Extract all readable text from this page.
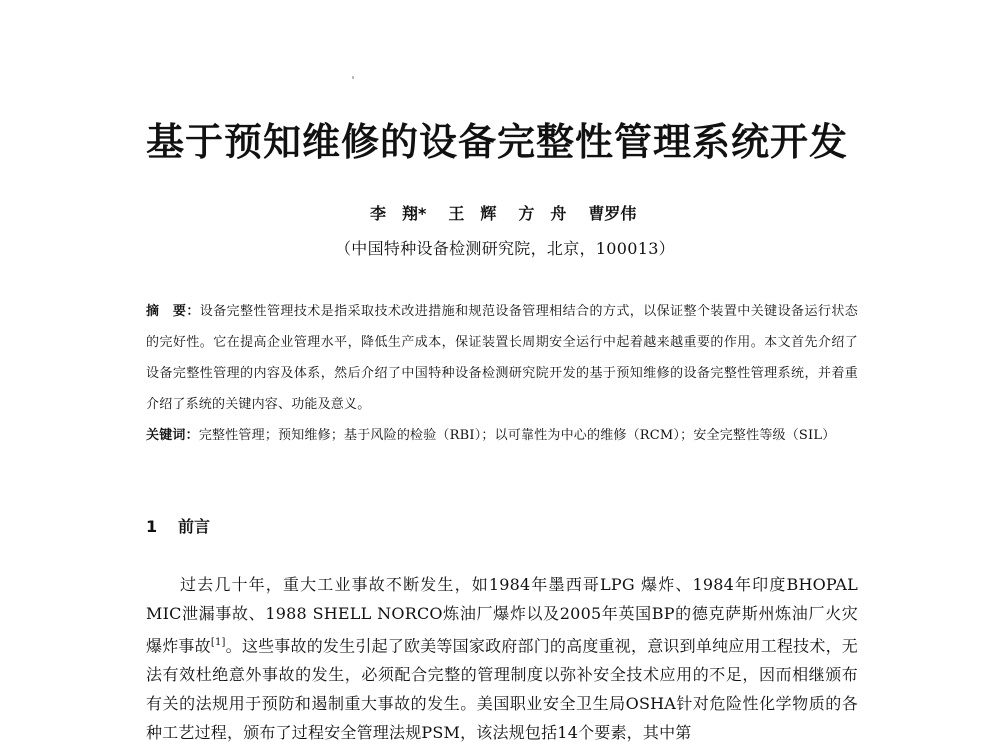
基于预知维修的设备完整性管理系统开发
李　翔* 王　辉 方　舟 曹罗伟
（中国特种设备检测研究院，北京，100013）
摘　要：设备完整性管理技术是指采取技术改进措施和规范设备管理相结合的方式，以保证整个装置中关键设备运行状态的完好性。它在提高企业管理水平，降低生产成本，保证装置长周期安全运行中起着越来越重要的作用。本文首先介绍了设备完整性管理的内容及体系，然后介绍了中国特种设备检测研究院开发的基于预知维修的设备完整性管理系统，并着重介绍了系统的关键内容、功能及意义。
关键词：完整性管理；预知维修；基于风险的检验（RBI）；以可靠性为中心的维修（RCM）；安全完整性等级（SIL）
1 前言
过去几十年，重大工业事故不断发生，如1984年墨西哥LPG 爆炸、1984年印度BHOPAL MIC泄漏事故、1988 SHELL NORCO炼油厂爆炸以及2005年英国BP的德克萨斯州炼油厂火灾爆炸事故[1]。这些事故的发生引起了欧美等国家政府部门的高度重视，意识到单纯应用工程技术，无法有效杜绝意外事故的发生，必须配合完整的管理制度以弥补安全技术应用的不足，因而相继颁布有关的法规用于预防和遏制重大事故的发生。美国职业安全卫生局OSHA针对危险性化学物质的各种工艺过程，颁布了过程安全管理法规PSM，该法规包括14个要素，其中第
